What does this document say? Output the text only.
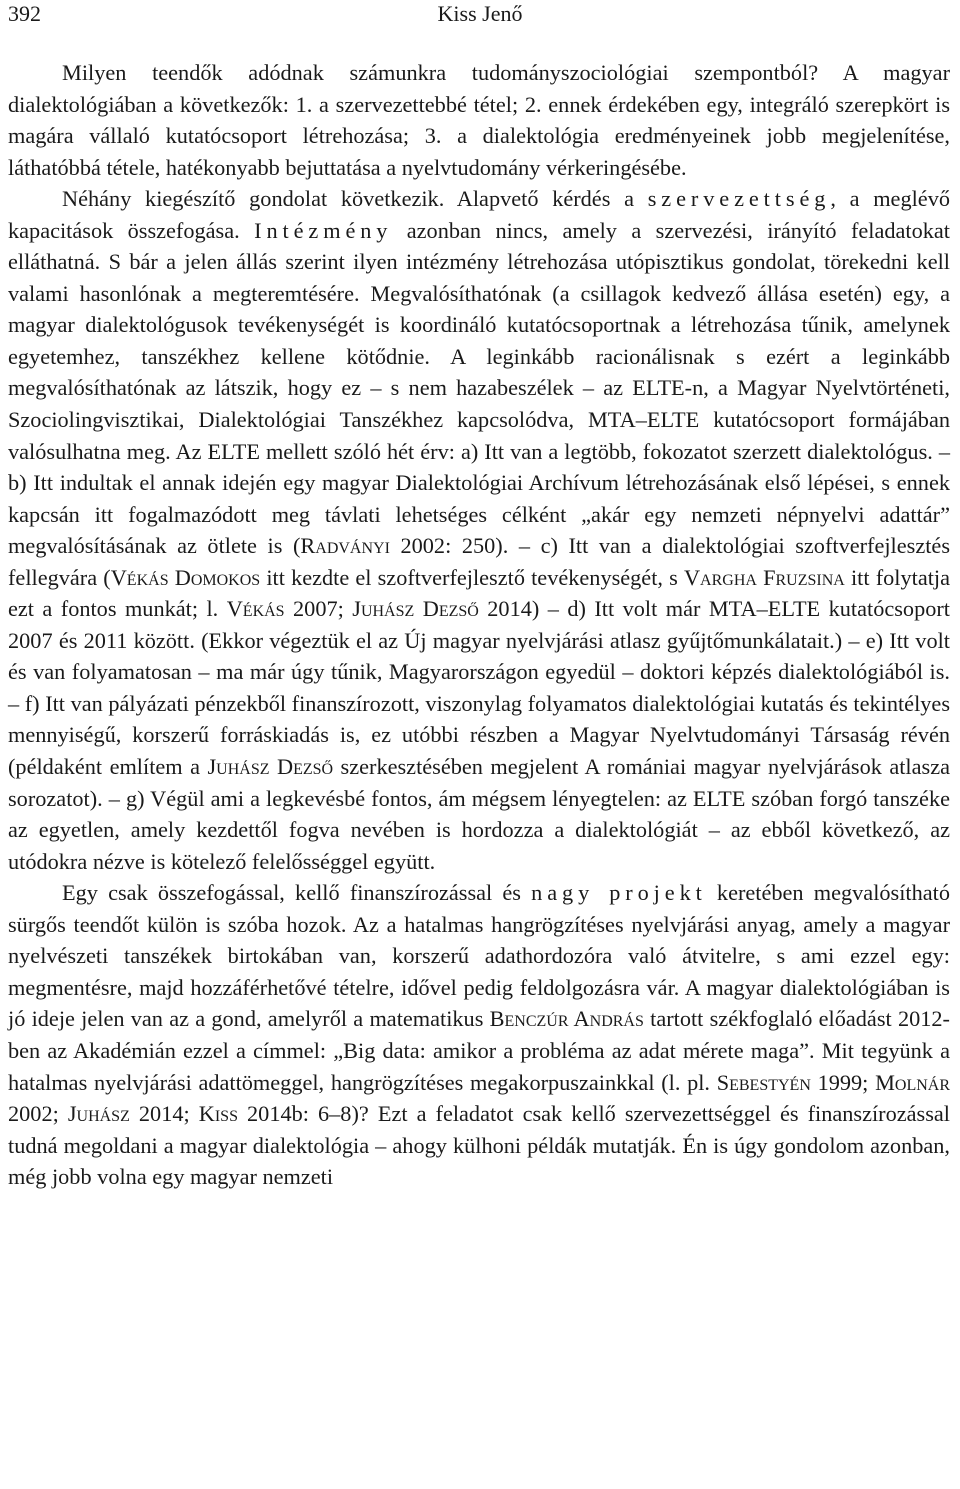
392	Kiss Jenő

Milyen teendők adódnak számunkra tudományszociológiai szempontból? A magyar dialektológiában a következők: 1. a szervezettebbé tétel; 2. ennek érdekében egy, integráló szerepkört is magára vállaló kutatócsoport létrehozása; 3. a dialektológia eredményeinek jobb megjelenítése, láthatóbbá tétele, hatékonyabb bejuttatása a nyelvtudomány vérkeringésébe.

Néhány kiegészítő gondolat következik. Alapvető kérdés a szervezettség, a meglévő kapacitások összefogása. Intézmény azonban nincs, amely a szervezési, irányító feladatokat elláthatná. S bár a jelen állás szerint ilyen intézmény létrehozása utópisztikus gondolat, törekedni kell valami hasonlónak a megteremtésére. Megvalósíthatónak (a csillagok kedvező állása esetén) egy, a magyar dialektológusok tevékenységét is koordináló kutatócsoportnak a létrehozása tűnik, amelynek egyetemhez, tanszékhez kellene kötődnie. A leginkább racionálisnak s ezért a leginkább megvalósíthatónak az látszik, hogy ez – s nem hazabeszélek – az ELTE-n, a Magyar Nyelvtörténeti, Szociolingvisztikai, Dialektológiai Tanszékhez kapcsolódva, MTA–ELTE kutatócsoport formájában valósulhatna meg. Az ELTE mellett szóló hét érv: a) Itt van a legtöbb, fokozatot szerzett dialektológus. – b) Itt indultak el annak idején egy magyar Dialektológiai Archívum létrehozásának első lépései, s ennek kapcsán itt fogalmazódott meg távlati lehetséges célként „akár egy nemzeti népnyelvi adattár” megvalósításának az ötlete is (Radványi 2002: 250). – c) Itt van a dialektológiai szoftverfejlesztés fellegvára (Vékás Domokos itt kezdte el szoftverfejlesztő tevékenységét, s Vargha Fruzsina itt folytatja ezt a fontos munkát; l. Vékás 2007; Juhász Dezső 2014) – d) Itt volt már MTA–ELTE kutatócsoport 2007 és 2011 között. (Ekkor végeztük el az Új magyar nyelvjárási atlasz gyűjtőmunkálatait.) – e) Itt volt és van folyamatosan – ma már úgy tűnik, Magyarországon egyedül – doktori képzés dialektológiából is. – f) Itt van pályázati pénzekből finanszírozott, viszonylag folyamatos dialektológiai kutatás és tekintélyes mennyiségű, korszerű forráskiadás is, ez utóbbi részben a Magyar Nyelvtudományi Társaság révén (példaként említem a Juhász Dezső szerkesztésében megjelent A romániai magyar nyelvjárások atlasza sorozatot). – g) Végül ami a legkevésbé fontos, ám mégsem lényegtelen: az ELTE szóban forgó tanszéke az egyetlen, amely kezdettől fogva nevében is hordozza a dialektológiát – az ebből következő, az utódokra nézve is kötelező felelősséggel együtt.

Egy csak összefogással, kellő finanszírozással és nagy projekt keretében megvalósítható sürgős teendőt külön is szóba hozok. Az a hatalmas hangrögzítéses nyelvjárási anyag, amely a magyar nyelvészeti tanszékek birtokában van, korszerű adathordozóra való átvitelre, s ami ezzel egy: megmentésre, majd hozzáférhetővé tételre, idővel pedig feldolgozásra vár. A magyar dialektológiában is jó ideje jelen van az a gond, amelyről a matematikus Benczúr András tartott székfoglaló előadást 2012-ben az Akadémián ezzel a címmel: „Big data: amikor a probléma az adat mérete maga”. Mit tegyünk a hatalmas nyelvjárási adattömeggel, hangrögzítéses megakorpuszainkkal (l. pl. Sebestyén 1999; Molnár 2002; Juhász 2014; Kiss 2014b: 6–8)? Ezt a feladatot csak kellő szervezettséggel és finanszírozással tudná megoldani a magyar dialektológia – ahogy külhoni példák mutatják. Én is úgy gondolom azonban, még jobb volna egy magyar nemzeti
